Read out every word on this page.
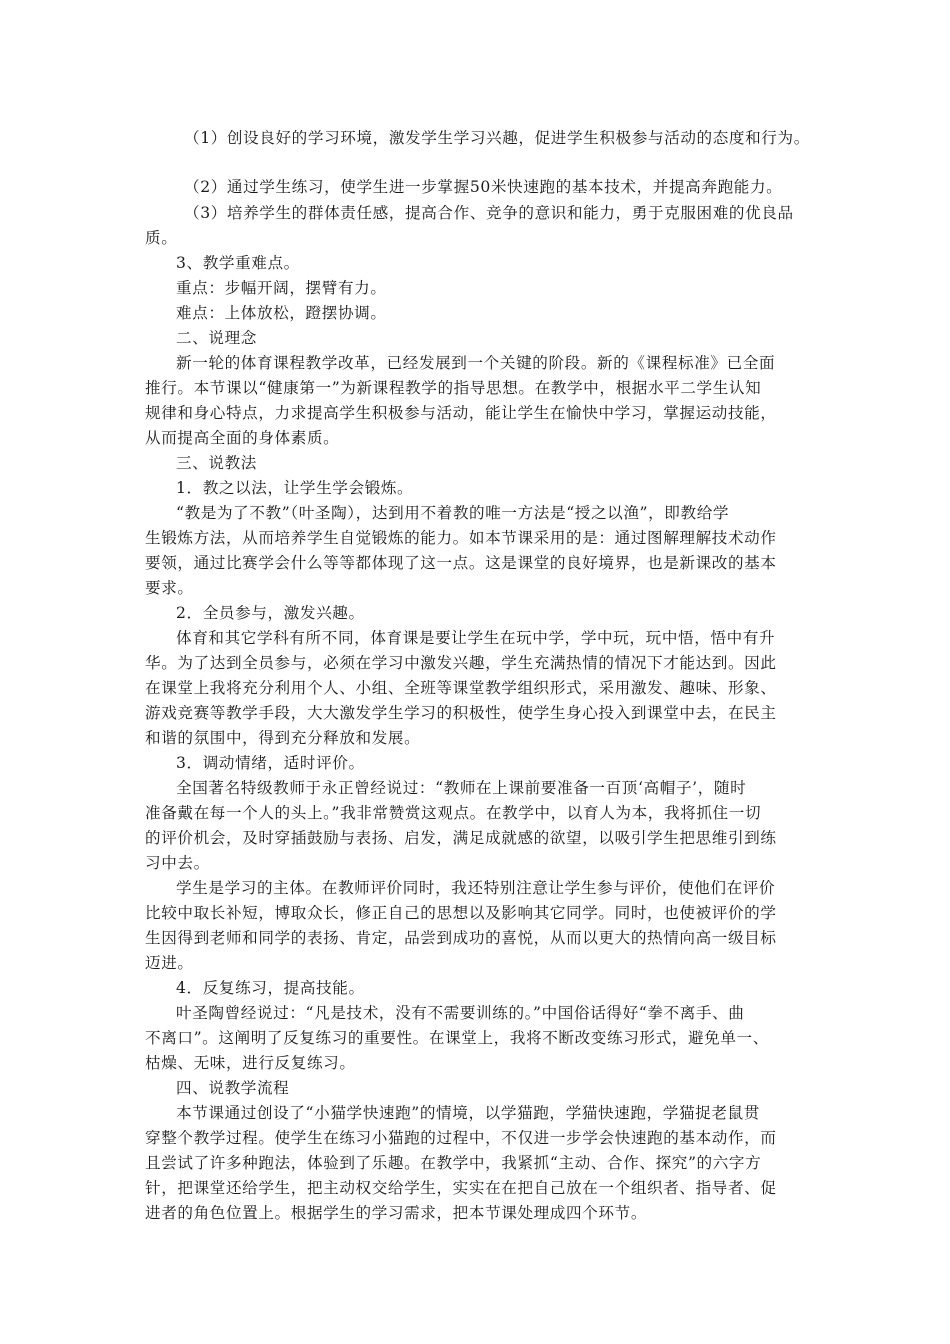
（1）创设良好的学习环境，激发学生学习兴趣，促进学生积极参与活动的态度和行为。
（2）通过学生练习，使学生进一步掌握50米快速跑的基本技术，并提高奔跑能力。
（3）培养学生的群体责任感，提高合作、竞争的意识和能力，勇于克服困难的优良品
质。
3、教学重难点。
重点：步幅开阔，摆臂有力。
难点：上体放松，蹬摆协调。
二、说理念
新一轮的体育课程教学改革，已经发展到一个关键的阶段。新的《课程标准》已全面
推行。本节课以“健康第一”为新课程教学的指导思想。在教学中，根据水平二学生认知
规律和身心特点，力求提高学生积极参与活动，能让学生在愉快中学习，掌握运动技能，
从而提高全面的身体素质。
三、说教法
1．教之以法，让学生学会锻炼。
“教是为了不教”（叶圣陶），达到用不着教的唯一方法是“授之以渔”，即教给学
生锻炼方法，从而培养学生自觉锻炼的能力。如本节课采用的是：通过图解理解技术动作
要领，通过比赛学会什么等等都体现了这一点。这是课堂的良好境界，也是新课改的基本
要求。
2．全员参与，激发兴趣。
体育和其它学科有所不同，体育课是要让学生在玩中学，学中玩，玩中悟，悟中有升
华。为了达到全员参与，必须在学习中激发兴趣，学生充满热情的情况下才能达到。因此
在课堂上我将充分利用个人、小组、全班等课堂教学组织形式，采用激发、趣味、形象、
游戏竞赛等教学手段，大大激发学生学习的积极性，使学生身心投入到课堂中去，在民主
和谐的氛围中，得到充分释放和发展。
3．调动情绪，适时评价。
全国著名特级教师于永正曾经说过：“教师在上课前要准备一百顶‘高帽子’，随时
准备戴在每一个人的头上。”我非常赞赏这观点。在教学中，以育人为本，我将抓住一切
的评价机会，及时穿插鼓励与表扬、启发，满足成就感的欲望，以吸引学生把思维引到练
习中去。
学生是学习的主体。在教师评价同时，我还特别注意让学生参与评价，使他们在评价
比较中取长补短，博取众长，修正自己的思想以及影响其它同学。同时，也使被评价的学
生因得到老师和同学的表扬、肯定，品尝到成功的喜悦，从而以更大的热情向高一级目标
迈进。
4．反复练习，提高技能。
叶圣陶曾经说过：“凡是技术，没有不需要训练的。”中国俗话得好“拳不离手、曲
不离口”。这阐明了反复练习的重要性。在课堂上，我将不断改变练习形式，避免单一、
枯燥、无味，进行反复练习。
四、说教学流程
本节课通过创设了“小猫学快速跑”的情境，以学猫跑，学猫快速跑，学猫捉老鼠贯
穿整个教学过程。使学生在练习小猫跑的过程中，不仅进一步学会快速跑的基本动作，而
且尝试了许多种跑法，体验到了乐趣。在教学中，我紧抓“主动、合作、探究”的六字方
针，把课堂还给学生，把主动权交给学生，实实在在把自己放在一个组织者、指导者、促
进者的角色位置上。根据学生的学习需求，把本节课处理成四个环节。
